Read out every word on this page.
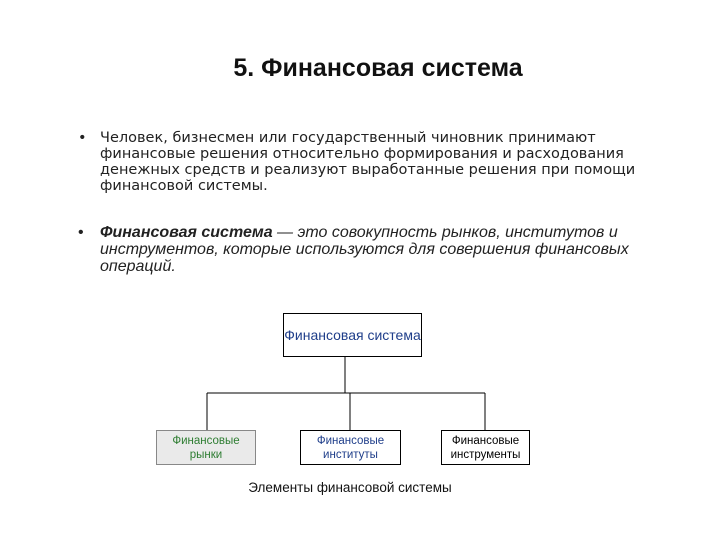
5. Финансовая система
• Человек, бизнесмен или государственный чиновник принимают финансовые решения относительно формирования и расходования денежных средств и реализуют выработанные решения при помощи финансовой системы.
• Финансовая система — это совокупность рынков, институтов и инструментов, которые используются для совершения финансовых операций.
Финансовая система
Финансовые рынки
Финансовые институты
Финансовые инструменты
Элементы финансовой системы
